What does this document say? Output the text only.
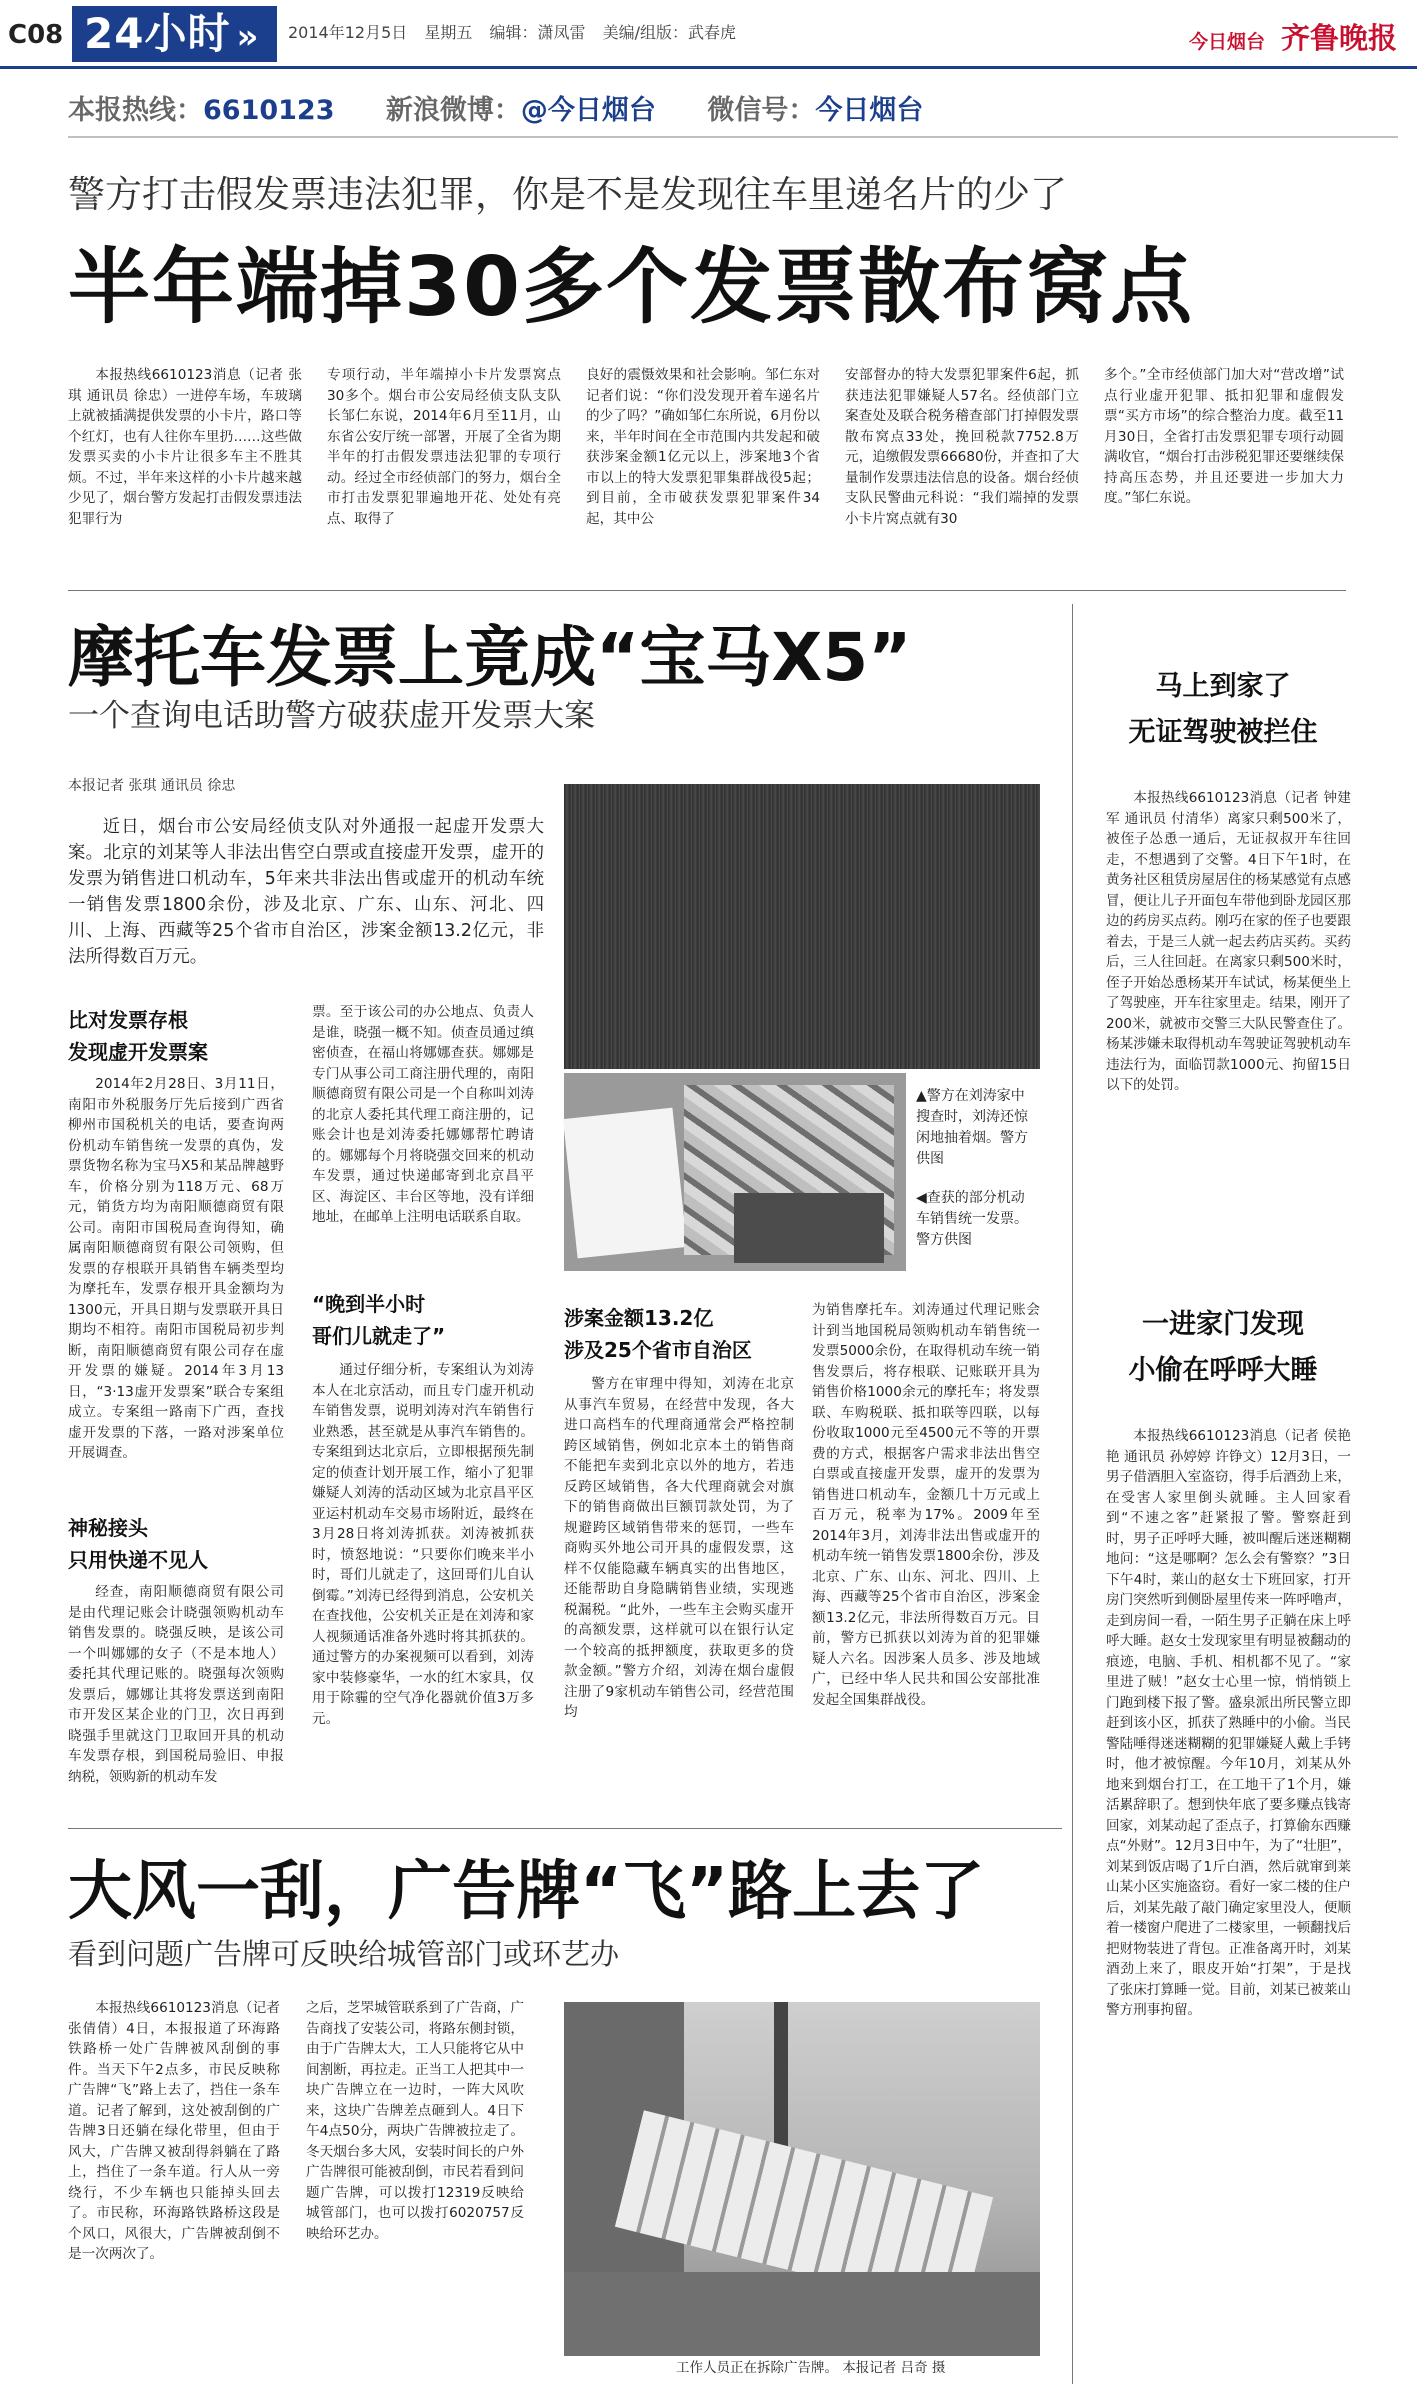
C08 24小时 »	2014年12月5日 星期五 编辑：潇凤雷 美编/组版：武春虎	今日烟台 齐鲁晚报
本报热线：6610123 新浪微博：@今日烟台 微信号：今日烟台
警方打击假发票违法犯罪，你是不是发现往车里递名片的少了
半年端掉30多个发票散布窝点

本报热线6610123消息（记者 张琪 通讯员 徐忠）一进停车场，车玻璃上就被插满提供发票的小卡片，路口等个红灯，也有人往你车里扔……这些做发票买卖的小卡片让很多车主不胜其烦。不过，半年来这样的小卡片越来越少见了，烟台警方发起打击假发票违法犯罪行为

专项行动，半年端掉小卡片发票窝点30多个。烟台市公安局经侦支队支队长邹仁东说，2014年6月至11月，山东省公安厅统一部署，开展了全省为期半年的打击假发票违法犯罪的专项行动。经过全市经侦部门的努力，烟台全市打击发票犯罪遍地开花、处处有亮点、取得了

良好的震慑效果和社会影响。邹仁东对记者们说：“你们没发现开着车递名片的少了吗？”确如邹仁东所说，6月份以来，半年时间在全市范围内共发起和破获涉案金额1亿元以上，涉案地3个省市以上的特大发票犯罪集群战役5起；到目前，全市破获发票犯罪案件34起，其中公

安部督办的特大发票犯罪案件6起，抓获违法犯罪嫌疑人57名。经侦部门立案查处及联合税务稽查部门打掉假发票散布窝点33处，挽回税款7752.8万元，追缴假发票66680份，并查扣了大量制作发票违法信息的设备。烟台经侦支队民警曲元科说：“我们端掉的发票小卡片窝点就有30

多个。”全市经侦部门加大对“营改增”试点行业虚开犯罪、抵扣犯罪和虚假发票“买方市场”的综合整治力度。截至11月30日，全省打击发票犯罪专项行动圆满收官，“烟台打击涉税犯罪还要继续保持高压态势，并且还要进一步加大力度。”邹仁东说。

摩托车发票上竟成“宝马X5”
一个查询电话助警方破获虚开发票大案
本报记者 张琪 通讯员 徐忠

近日，烟台市公安局经侦支队对外通报一起虚开发票大案。北京的刘某等人非法出售空白票或直接虚开发票，虚开的发票为销售进口机动车，5年来共非法出售或虚开的机动车统一销售发票1800余份，涉及北京、广东、山东、河北、四川、上海、西藏等25个省市自治区，涉案金额13.2亿元，非法所得数百万元。

▲警方在刘涛家中搜查时，刘涛还惊闲地抽着烟。警方供图
◀查获的部分机动车销售统一发票。警方供图
比对发票存根
发现虚开发票案

2014年2月28日、3月11日，南阳市外税服务厅先后接到广西省柳州市国税机关的电话，要查询两份机动车销售统一发票的真伪，发票货物名称为宝马X5和某品牌越野车，价格分别为118万元、68万元，销货方均为南阳顺德商贸有限公司。南阳市国税局查询得知，确属南阳顺德商贸有限公司领购，但发票的存根联开具销售车辆类型均为摩托车，发票存根开具金额均为1300元，开具日期与发票联开具日期均不相符。南阳市国税局初步判断，南阳顺德商贸有限公司存在虚开发票的嫌疑。2014年3月13日，“3·13虚开发票案”联合专案组成立。专案组一路南下广西，查找虚开发票的下落，一路对涉案单位开展调查。

神秘接头
只用快递不见人

经查，南阳顺德商贸有限公司是由代理记账会计晓强领购机动车销售发票的。晓强反映，是该公司一个叫娜娜的女子（不是本地人）委托其代理记账的。晓强每次领购发票后，娜娜让其将发票送到南阳市开发区某企业的门卫，次日再到晓强手里就这门卫取回开具的机动车发票存根，到国税局验旧、申报纳税，领购新的机动车发

票。至于该公司的办公地点、负责人是谁，晓强一概不知。侦查员通过缜密侦查，在福山将娜娜查获。娜娜是专门从事公司工商注册代理的，南阳顺德商贸有限公司是一个自称叫刘涛的北京人委托其代理工商注册的，记账会计也是刘涛委托娜娜帮忙聘请的。娜娜每个月将晓强交回来的机动车发票，通过快递邮寄到北京昌平区、海淀区、丰台区等地，没有详细地址，在邮单上注明电话联系自取。

“晚到半小时
哥们儿就走了”

通过仔细分析，专案组认为刘涛本人在北京活动，而且专门虚开机动车销售发票，说明刘涛对汽车销售行业熟悉，甚至就是从事汽车销售的。专案组到达北京后，立即根据预先制定的侦查计划开展工作，缩小了犯罪嫌疑人刘涛的活动区域为北京昌平区亚运村机动车交易市场附近，最终在3月28日将刘涛抓获。刘涛被抓获时，愤怒地说：“只要你们晚来半小时，哥们儿就走了，这回哥们儿自认倒霉。”刘涛已经得到消息，公安机关在查找他，公安机关正是在刘涛和家人视频通话准备外逃时将其抓获的。通过警方的办案视频可以看到，刘涛家中装修豪华，一水的红木家具，仅用于除霾的空气净化器就价值3万多元。

涉案金额13.2亿
涉及25个省市自治区

警方在审理中得知，刘涛在北京从事汽车贸易，在经营中发现，各大进口高档车的代理商通常会严格控制跨区域销售，例如北京本土的销售商不能把车卖到北京以外的地方，若违反跨区域销售，各大代理商就会对旗下的销售商做出巨额罚款处罚，为了规避跨区域销售带来的惩罚，一些车商购买外地公司开具的虚假发票，这样不仅能隐藏车辆真实的出售地区，还能帮助自身隐瞒销售业绩，实现逃税漏税。“此外，一些车主会购买虚开的高额发票，这样就可以在银行认定一个较高的抵押额度，获取更多的贷款金额。”警方介绍，刘涛在烟台虚假注册了9家机动车销售公司，经营范围均

为销售摩托车。刘涛通过代理记账会计到当地国税局领购机动车销售统一发票5000余份，在取得机动车统一销售发票后，将存根联、记账联开具为销售价格1000余元的摩托车；将发票联、车购税联、抵扣联等四联，以每份收取1000元至4500元不等的开票费的方式，根据客户需求非法出售空白票或直接虚开发票，虚开的发票为销售进口机动车，金额几十万元或上百万元，税率为17%。2009年至2014年3月，刘涛非法出售或虚开的机动车统一销售发票1800余份，涉及北京、广东、山东、河北、四川、上海、西藏等25个省市自治区，涉案金额13.2亿元，非法所得数百万元。目前，警方已抓获以刘涛为首的犯罪嫌疑人六名。因涉案人员多、涉及地域广，已经中华人民共和国公安部批准发起全国集群战役。

马上到家了
无证驾驶被拦住

本报热线6610123消息（记者 钟建军 通讯员 付清华）离家只剩500米了，被侄子怂恿一通后，无证叔叔开车往回走，不想遇到了交警。4日下午1时，在黄务社区租赁房屋居住的杨某感觉有点感冒，便让儿子开面包车带他到卧龙园区那边的药房买点药。刚巧在家的侄子也要跟着去，于是三人就一起去药店买药。买药后，三人往回赶。在离家只剩500米时，侄子开始怂恿杨某开车试试，杨某便坐上了驾驶座，开车往家里走。结果，刚开了200米，就被市交警三大队民警查住了。杨某涉嫌未取得机动车驾驶证驾驶机动车违法行为，面临罚款1000元、拘留15日以下的处罚。

一进家门发现
小偷在呼呼大睡

本报热线6610123消息（记者 侯艳艳 通讯员 孙婷婷 许铮文）12月3日，一男子借酒胆入室盗窃，得手后酒劲上来，在受害人家里倒头就睡。主人回家看到“不速之客”赶紧报了警。警察赶到时，男子正呼呼大睡，被叫醒后迷迷糊糊地问：“这是哪啊？怎么会有警察？”3日下午4时，莱山的赵女士下班回家，打开房门突然听到侧卧屋里传来一阵呼噜声，走到房间一看，一陌生男子正躺在床上呼呼大睡。赵女士发现家里有明显被翻动的痕迹，电脑、手机、相机都不见了。“家里进了贼！”赵女士心里一惊，悄悄锁上门跑到楼下报了警。盛泉派出所民警立即赶到该小区，抓获了熟睡中的小偷。当民警陆唾得迷迷糊糊的犯罪嫌疑人戴上手铐时，他才被惊醒。今年10月，刘某从外地来到烟台打工，在工地干了1个月，嫌活累辞职了。想到快年底了要多赚点钱寄回家，刘某动起了歪点子，打算偷东西赚点“外财”。12月3日中午，为了“壮胆”，刘某到饭店喝了1斤白酒，然后就窜到莱山某小区实施盗窃。看好一家二楼的住户后，刘某先敲了敲门确定家里没人，便顺着一楼窗户爬进了二楼家里，一顿翻找后把财物装进了背包。正准备离开时，刘某酒劲上来了，眼皮开始“打架”，于是找了张床打算睡一觉。目前，刘某已被莱山警方刑事拘留。

大风一刮，广告牌“飞”路上去了
看到问题广告牌可反映给城管部门或环艺办

本报热线6610123消息（记者 张倩倩）4日，本报报道了环海路铁路桥一处广告牌被风刮倒的事件。当天下午2点多，市民反映称广告牌“飞”路上去了，挡住一条车道。记者了解到，这处被刮倒的广告牌3日还躺在绿化带里，但由于风大，广告牌又被刮得斜躺在了路上，挡住了一条车道。行人从一旁绕行，不少车辆也只能掉头回去了。市民称，环海路铁路桥这段是个风口，风很大，广告牌被刮倒不是一次两次了。

之后，芝罘城管联系到了广告商，广告商找了安装公司，将路东侧封锁，由于广告牌太大，工人只能将它从中间割断，再拉走。正当工人把其中一块广告牌立在一边时，一阵大风吹来，这块广告牌差点砸到人。4日下午4点50分，两块广告牌被拉走了。冬天烟台多大风，安装时间长的户外广告牌很可能被刮倒，市民若看到问题广告牌，可以拨打12319反映给城管部门，也可以拨打6020757反映给环艺办。

工作人员正在拆除广告牌。 本报记者 吕奇 摄
